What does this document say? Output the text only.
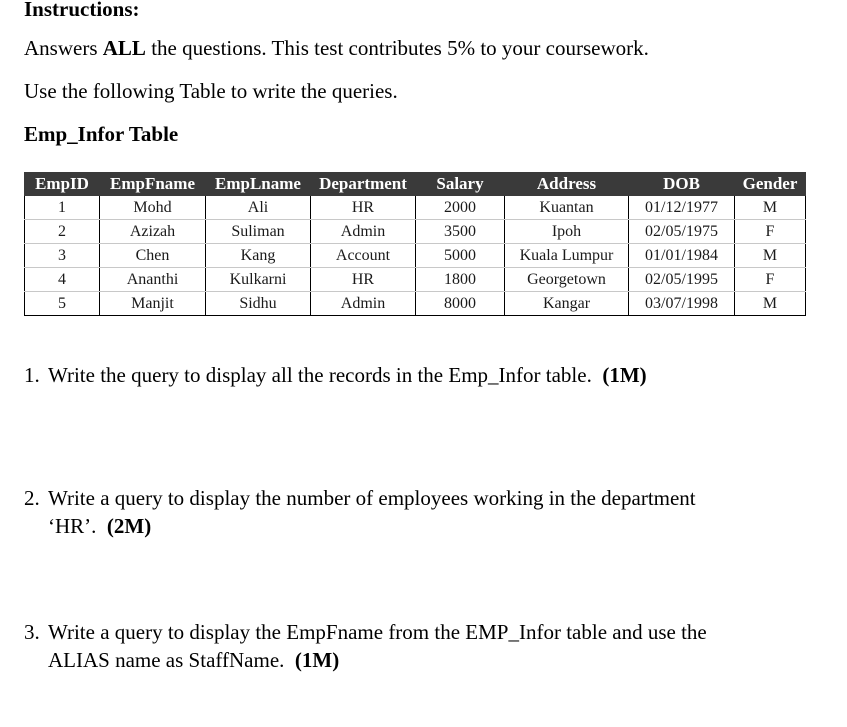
Instructions:
Answers ALL the questions. This test contributes 5% to your coursework.
Use the following Table to write the queries.
Emp_Infor Table
EmpID	EmpFname	EmpLname	Department	Salary	Address	DOB	Gender
1	Mohd	Ali	HR	2000	Kuantan	01/12/1977	M
2	Azizah	Suliman	Admin	3500	Ipoh	02/05/1975	F
3	Chen	Kang	Account	5000	Kuala Lumpur	01/01/1984	M
4	Ananthi	Kulkarni	HR	1800	Georgetown	02/05/1995	F
5	Manjit	Sidhu	Admin	8000	Kangar	03/07/1998	M
1. Write the query to display all the records in the Emp_Infor table. (1M)
2. Write a query to display the number of employees working in the department
‘HR’. (2M)
3. Write a query to display the EmpFname from the EMP_Infor table and use the
ALIAS name as StaffName. (1M)
